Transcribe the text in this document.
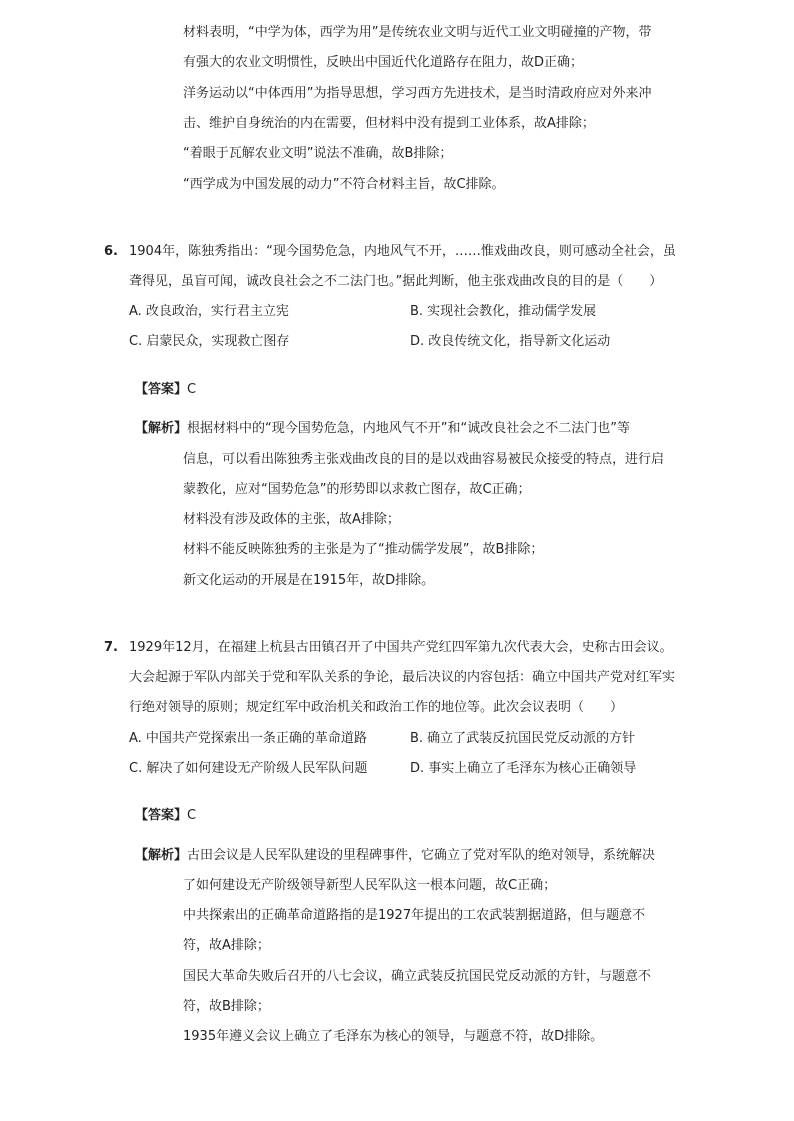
材料表明，“中学为体，西学为用”是传统农业文明与近代工业文明碰撞的产物，带
有强大的农业文明惯性，反映出中国近代化道路存在阻力，故D正确；
洋务运动以“中体西用”为指导思想，学习西方先进技术，是当时清政府应对外来冲
击、维护自身统治的内在需要，但材料中没有提到工业体系，故A排除；
“着眼于瓦解农业文明”说法不准确，故B排除；
“西学成为中国发展的动力”不符合材料主旨，故C排除。
6. 1904年，陈独秀指出：“现今国势危急，内地风气不开，……惟戏曲改良，则可感动全社会，虽
聋得见，虽盲可闻，诚改良社会之不二法门也。”据此判断，他主张戏曲改良的目的是（　　）
A. 改良政治，实行君主立宪	B. 实现社会教化，推动儒学发展
C. 启蒙民众，实现救亡图存	D. 改良传统文化，指导新文化运动
【答案】C
【解析】根据材料中的“现今国势危急，内地风气不开”和“诚改良社会之不二法门也”等
信息，可以看出陈独秀主张戏曲改良的目的是以戏曲容易被民众接受的特点，进行启
蒙教化，应对“国势危急”的形势即以求救亡图存，故C正确；
材料没有涉及政体的主张，故A排除；
材料不能反映陈独秀的主张是为了“推动儒学发展”，故B排除；
新文化运动的开展是在1915年，故D排除。
7. 1929年12月，在福建上杭县古田镇召开了中国共产党红四军第九次代表大会，史称古田会议。
大会起源于军队内部关于党和军队关系的争论，最后决议的内容包括：确立中国共产党对红军实
行绝对领导的原则；规定红军中政治机关和政治工作的地位等。此次会议表明（　　）
A. 中国共产党探索出一条正确的革命道路	B. 确立了武装反抗国民党反动派的方针
C. 解决了如何建设无产阶级人民军队问题	D. 事实上确立了毛泽东为核心正确领导
【答案】C
【解析】古田会议是人民军队建设的里程碑事件，它确立了党对军队的绝对领导，系统解决
了如何建设无产阶级领导新型人民军队这一根本问题，故C正确；
中共探索出的正确革命道路指的是1927年提出的工农武装割据道路，但与题意不
符，故A排除；
国民大革命失败后召开的八七会议，确立武装反抗国民党反动派的方针，与题意不
符，故B排除；
1935年遵义会议上确立了毛泽东为核心的领导，与题意不符，故D排除。
